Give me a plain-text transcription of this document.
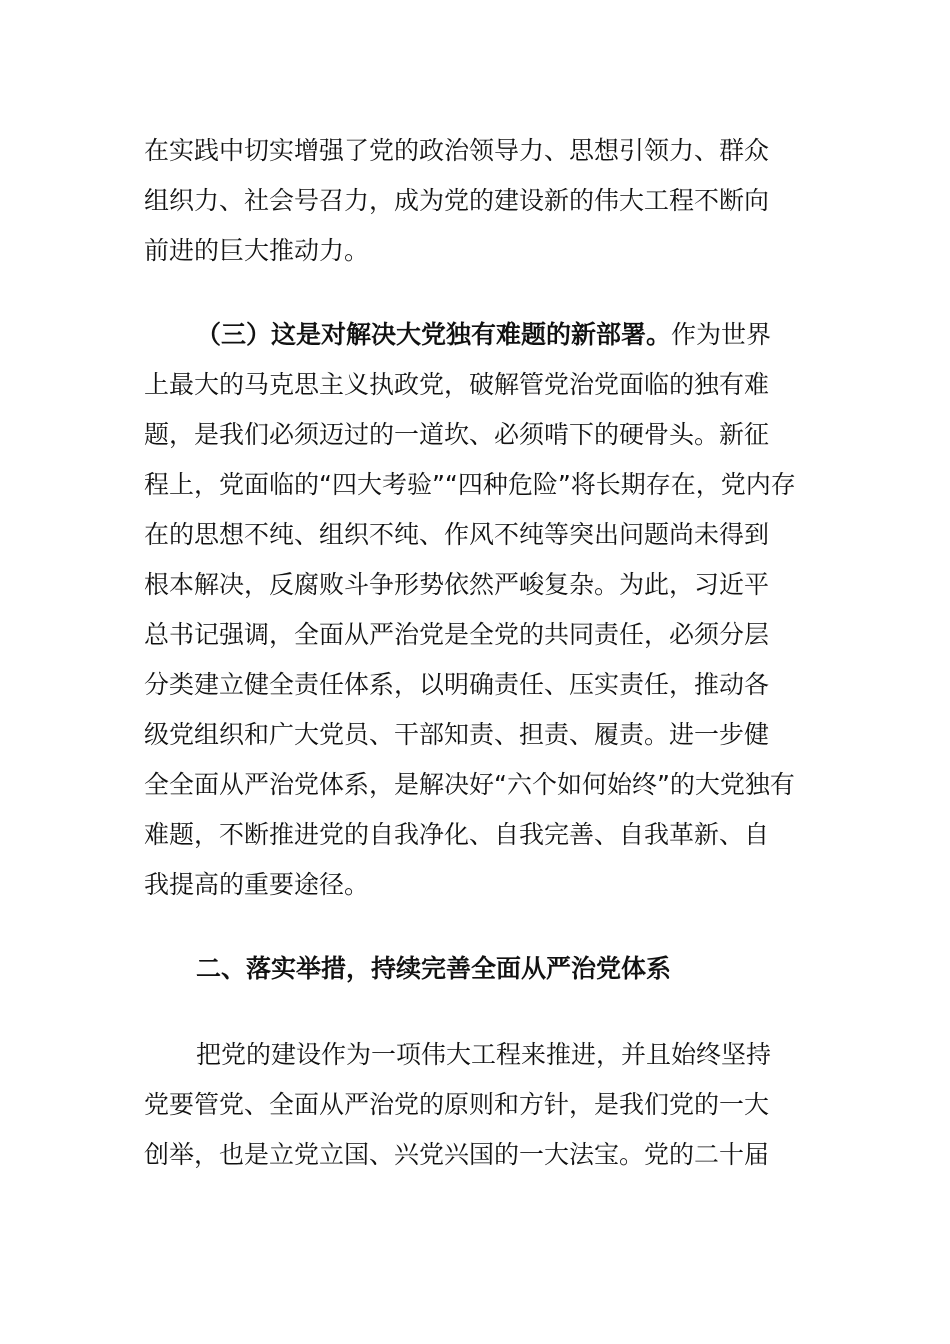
在实践中切实增强了党的政治领导力、思想引领力、群众
组织力、社会号召力，成为党的建设新的伟大工程不断向
前进的巨大推动力。
（三）这是对解决大党独有难题的新部署。作为世界
上最大的马克思主义执政党，破解管党治党面临的独有难
题，是我们必须迈过的一道坎、必须啃下的硬骨头。新征
程上，党面临的“四大考验”“四种危险”将长期存在，党内存
在的思想不纯、组织不纯、作风不纯等突出问题尚未得到
根本解决，反腐败斗争形势依然严峻复杂。为此，习近平
总书记强调，全面从严治党是全党的共同责任，必须分层
分类建立健全责任体系，以明确责任、压实责任，推动各
级党组织和广大党员、干部知责、担责、履责。进一步健
全全面从严治党体系，是解决好“六个如何始终”的大党独有
难题，不断推进党的自我净化、自我完善、自我革新、自
我提高的重要途径。
二、落实举措，持续完善全面从严治党体系
把党的建设作为一项伟大工程来推进，并且始终坚持
党要管党、全面从严治党的原则和方针，是我们党的一大
创举，也是立党立国、兴党兴国的一大法宝。党的二十届
